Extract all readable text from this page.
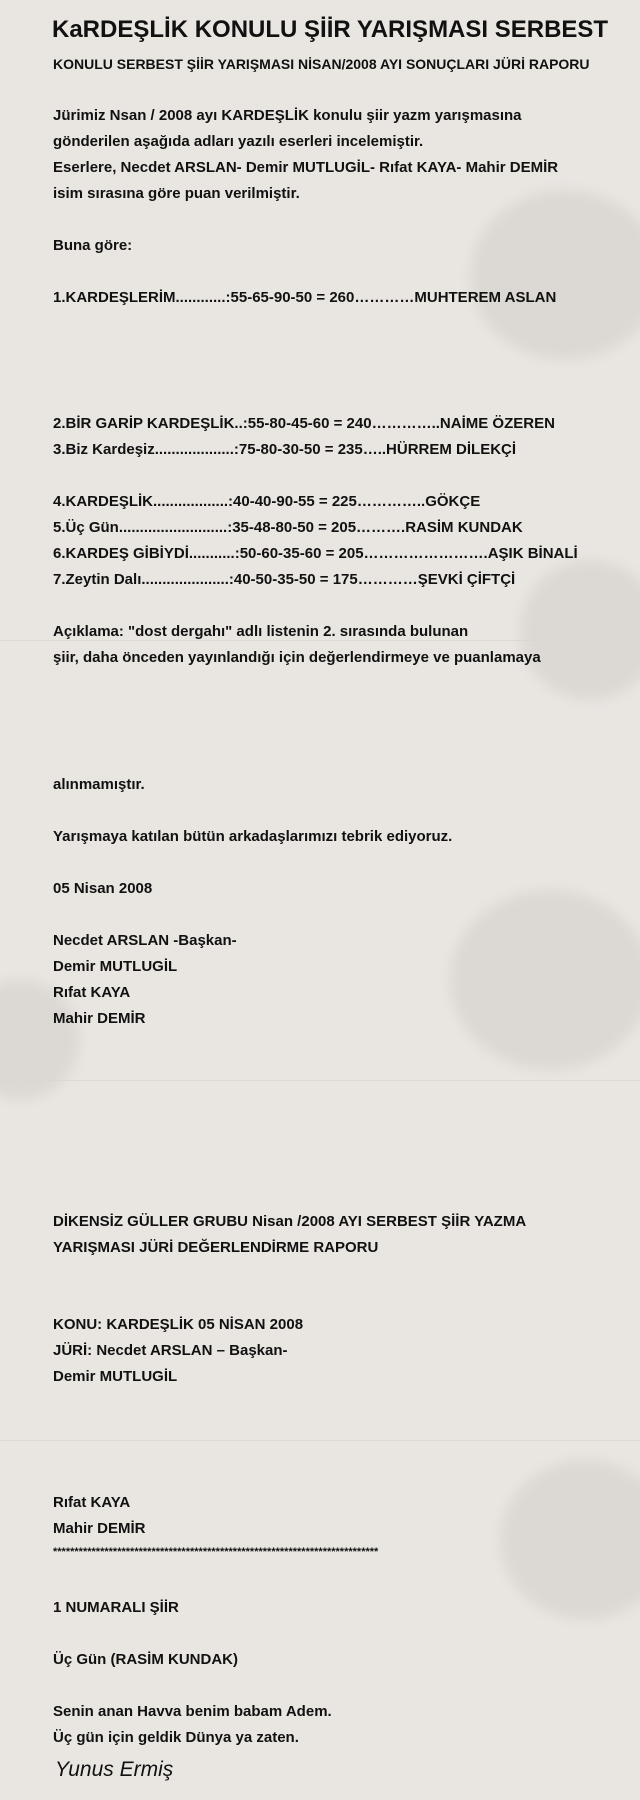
KaRDEŞLİK KONULU ŞİİR YARIŞMASI SERBEST
KONULU SERBEST ŞİİR YARIŞMASI NİSAN/2008 AYI SONUÇLARI JÜRİ RAPORU
Jürimiz Nsan / 2008 ayı KARDEŞLİK konulu şiir yazm yarışmasına
gönderilen aşağıda adları yazılı eserleri incelemiştir.
Eserlere, Necdet ARSLAN- Demir MUTLUGİL- Rıfat KAYA- Mahir DEMİR
isim sırasına göre puan verilmiştir.
Buna göre:
1.KARDEŞLERİM............:55-65-90-50 = 260…………MUHTEREM ASLAN
2.BİR GARİP KARDEŞLİK..:55-80-45-60 = 240…………..NAİME ÖZEREN
3.Biz Kardeşiz...................:75-80-30-50 = 235…..HÜRREM DİLEKÇİ
4.KARDEŞLİK..................:40-40-90-55 = 225…………..GÖKÇE
5.Üç Gün..........................:35-48-80-50 = 205……….RASİM KUNDAK
6.KARDEŞ GİBİYDİ...........:50-60-35-60 = 205…………………….AŞIK BİNALİ
7.Zeytin Dalı.....................:40-50-35-50 = 175…………ŞEVKİ ÇİFTÇİ
Açıklama: "dost dergahı" adlı listenin 2. sırasında bulunan
şiir, daha önceden yayınlandığı için değerlendirmeye ve puanlamaya
alınmamıştır.
Yarışmaya katılan bütün arkadaşlarımızı tebrik ediyoruz.
05 Nisan 2008
Necdet ARSLAN -Başkan-
Demir MUTLUGİL
Rıfat KAYA
Mahir DEMİR
DİKENSİZ GÜLLER GRUBU Nisan /2008 AYI SERBEST ŞİİR YAZMA
YARIŞMASI JÜRİ DEĞERLENDİRME RAPORU
KONU: KARDEŞLİK 05 NİSAN 2008
JÜRİ: Necdet ARSLAN – Başkan-
Demir MUTLUGİL
Rıfat KAYA
Mahir DEMİR
****************************************************************************
1 NUMARALI ŞİİR
Üç Gün (RASİM KUNDAK)
Senin anan Havva benim babam Adem.
Üç gün için geldik Dünya ya zaten.
Yunus Ermiş
